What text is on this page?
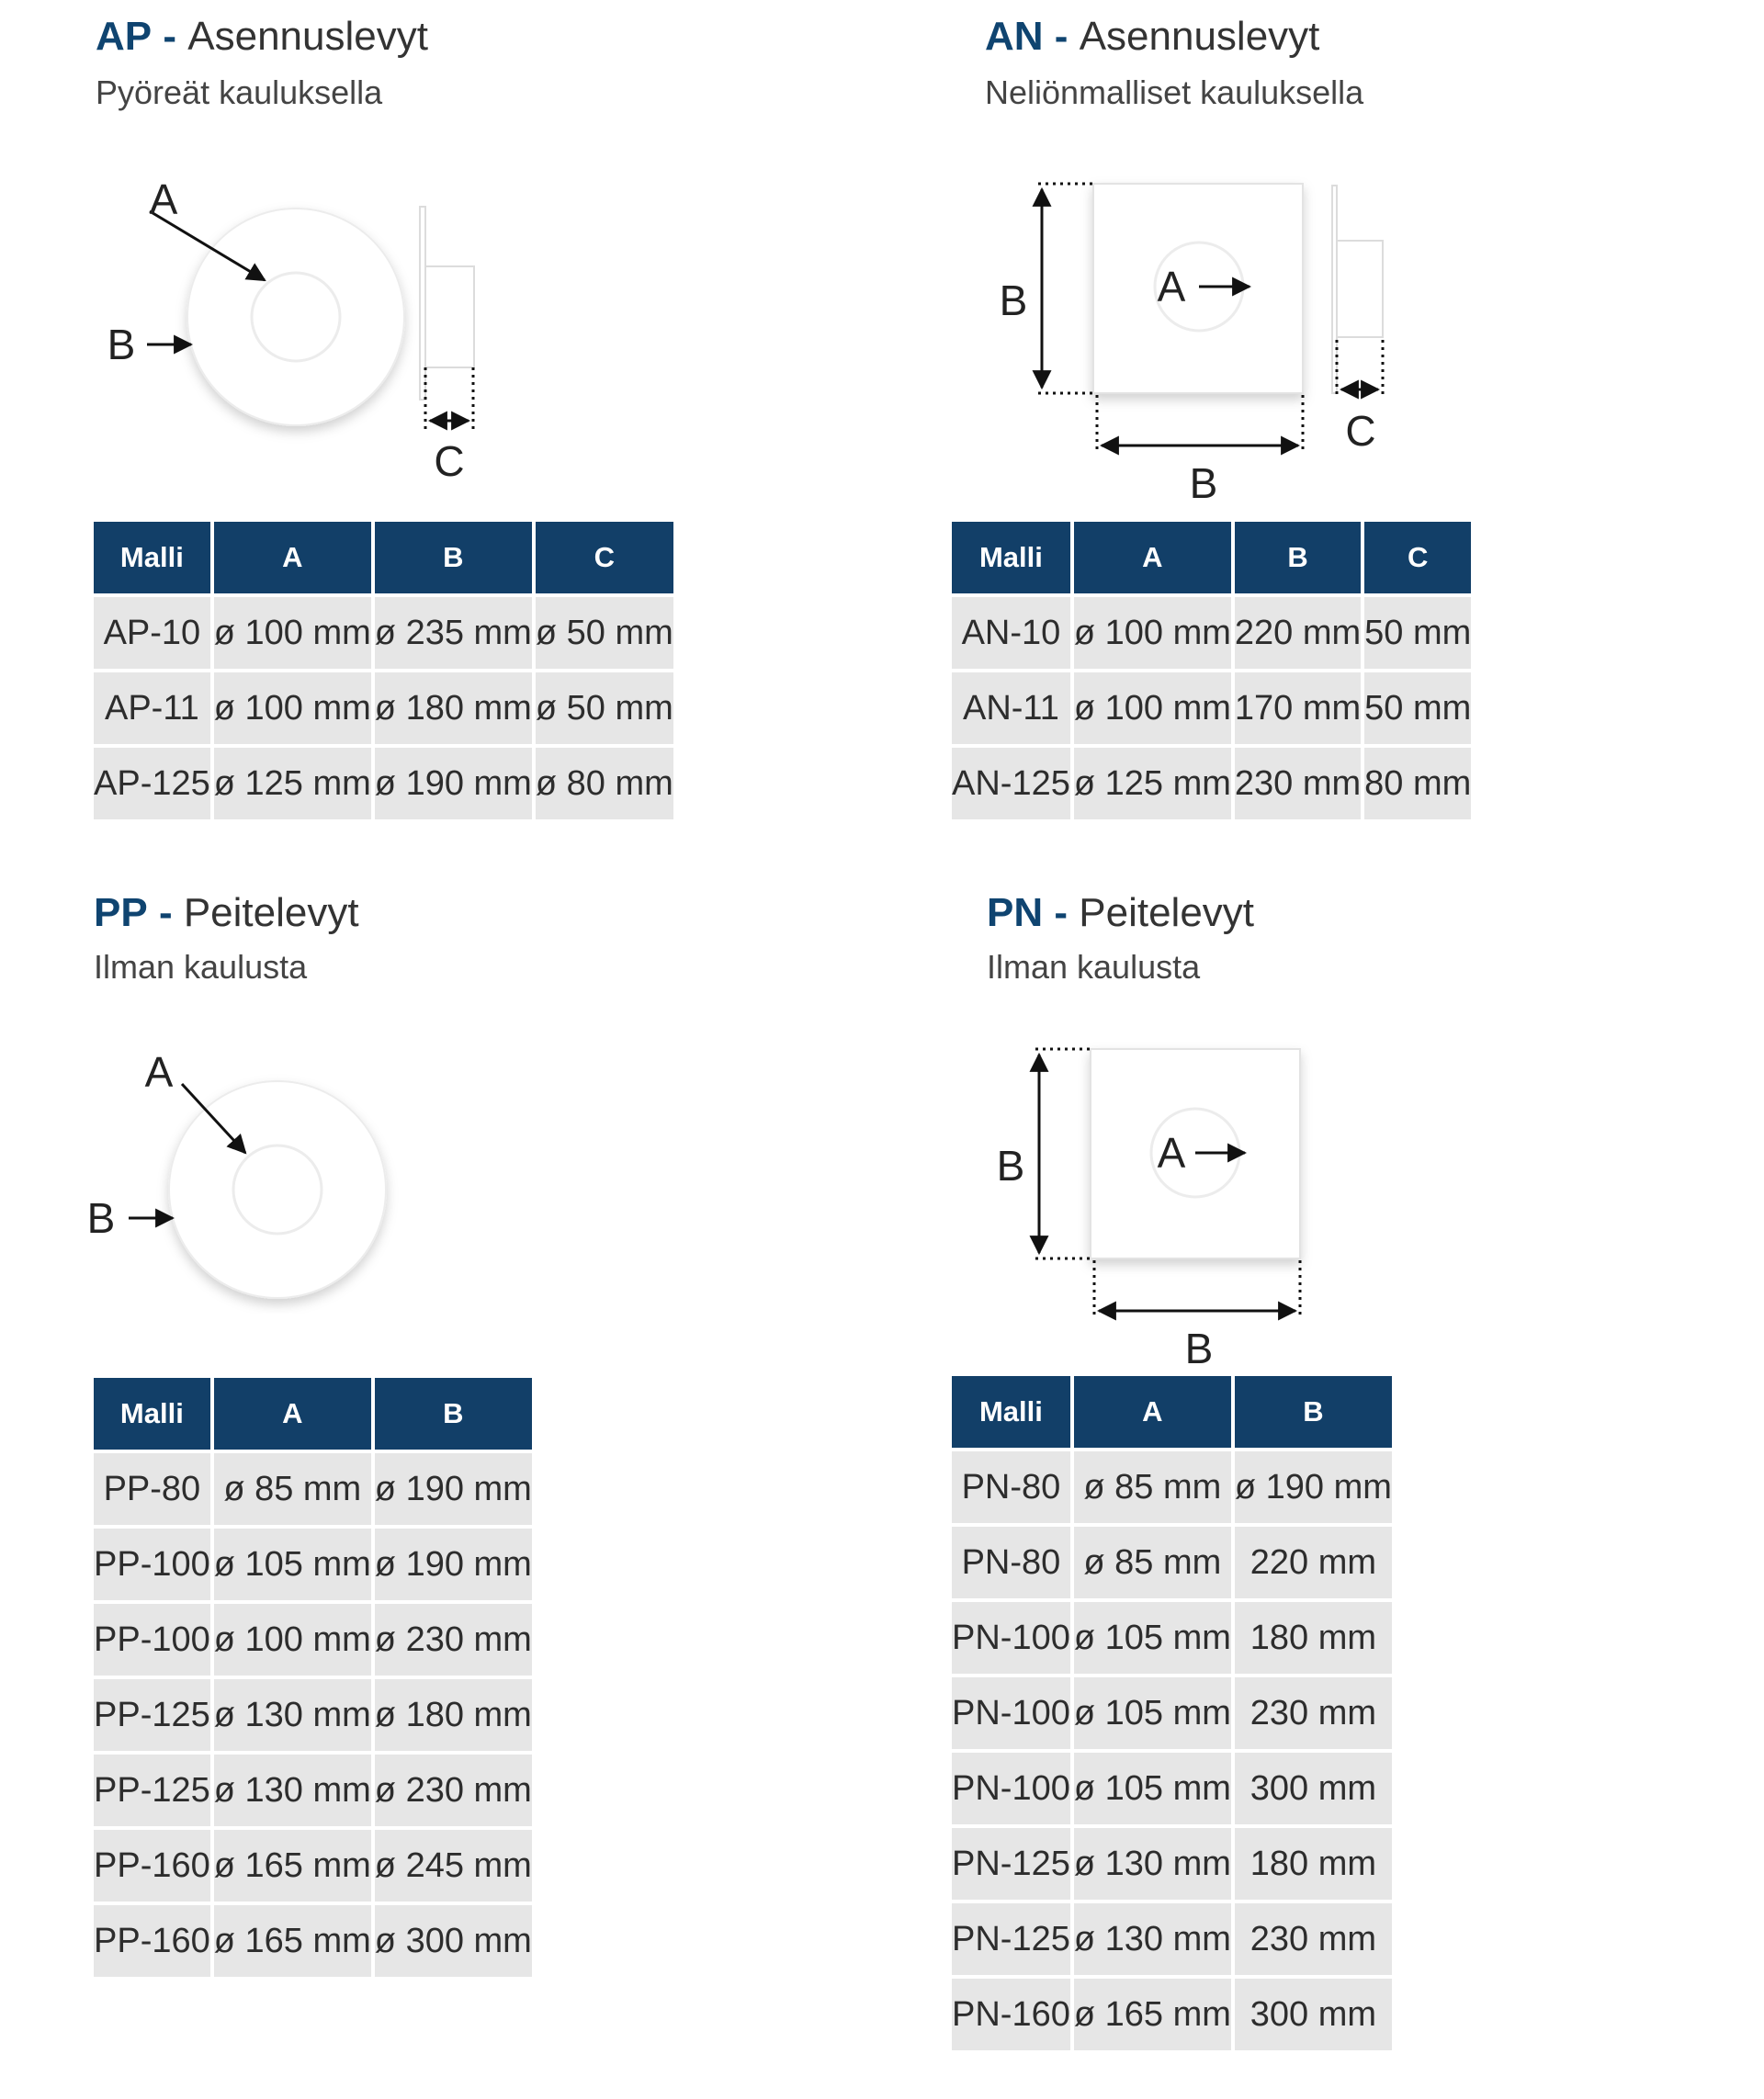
AP - Asennuslevyt
Pyöreät kauluksella
A
B
C
Malli	A	B	C
AP-10	ø 100 mm	ø 235 mm	ø 50 mm
AP-11	ø 100 mm	ø 180 mm	ø 50 mm
AP-125	ø 125 mm	ø 190 mm	ø 80 mm
AN - Asennuslevyt
Neliönmalliset kauluksella
A
B
B
C
Malli	A	B	C
AN-10	ø 100 mm	220 mm	50 mm
AN-11	ø 100 mm	170 mm	50 mm
AN-125	ø 125 mm	230 mm	80 mm
PP - Peitelevyt
Ilman kaulusta
A
B
Malli	A	B
PP-80	ø 85 mm	ø 190 mm
PP-100	ø 105 mm	ø 190 mm
PP-100	ø 100 mm	ø 230 mm
PP-125	ø 130 mm	ø 180 mm
PP-125	ø 130 mm	ø 230 mm
PP-160	ø 165 mm	ø 245 mm
PP-160	ø 165 mm	ø 300 mm
PN - Peitelevyt
Ilman kaulusta
A
B
B
Malli	A	B
PN-80	ø 85 mm	ø 190 mm
PN-80	ø 85 mm	220 mm
PN-100	ø 105 mm	180 mm
PN-100	ø 105 mm	230 mm
PN-100	ø 105 mm	300 mm
PN-125	ø 130 mm	180 mm
PN-125	ø 130 mm	230 mm
PN-160	ø 165 mm	300 mm
